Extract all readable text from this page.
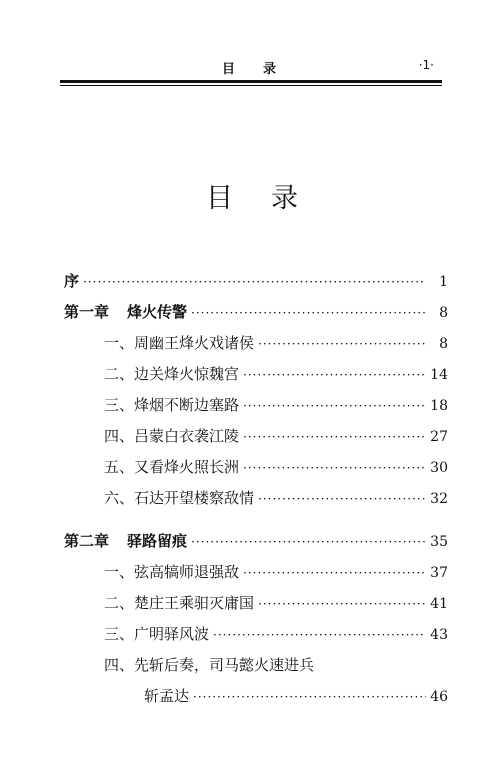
目录	·1·
目录
序 ·····	1
第一章 烽火传警 ·····	8
一、周幽王烽火戏诸侯 ·····	8
二、边关烽火惊魏宫 ·····	14
三、烽烟不断边塞路 ·····	18
四、吕蒙白衣袭江陵 ·····	27
五、又看烽火照长洲 ·····	30
六、石达开望楼察敌情 ·····	32
第二章 驿路留痕 ·····	35
一、弦高犒师退强敌 ·····	37
二、楚庄王乘驲灭庸国 ·····	41
三、广明驿风波 ·····	43
四、先斩后奏，司马懿火速进兵
斩孟达 ·····	46
